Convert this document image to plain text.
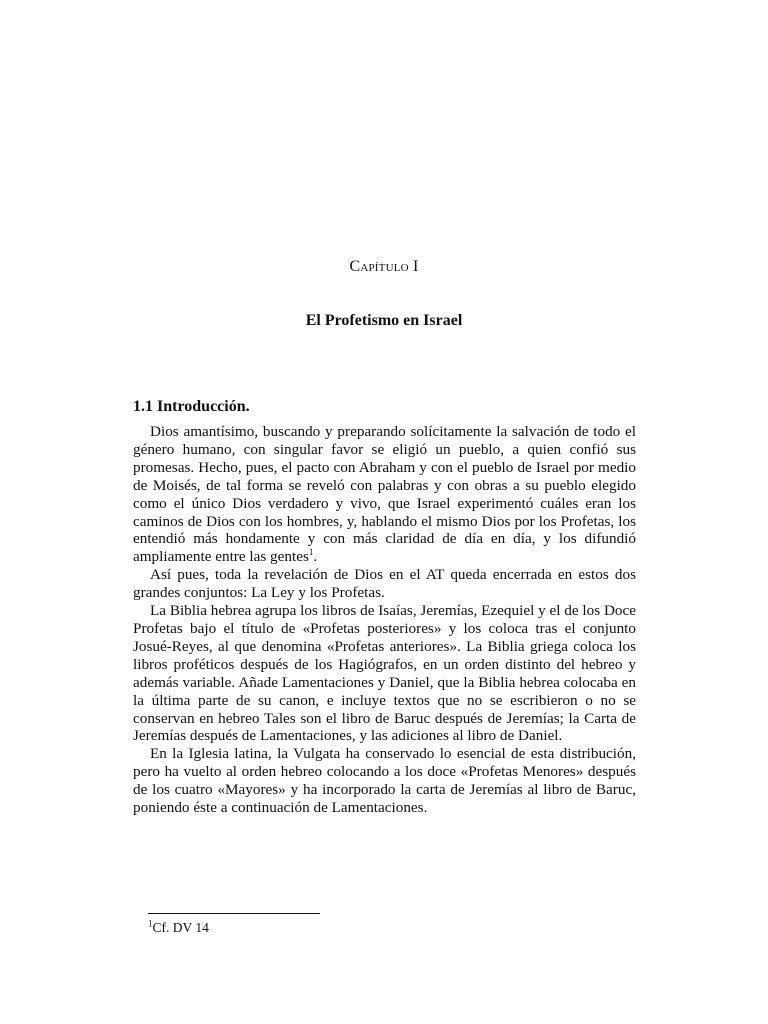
Capítulo I
El Profetismo en Israel
1.1 Introducción.

Dios amantísimo, buscando y preparando solícitamente la salvación de todo el género humano, con singular favor se eligió un pueblo, a quien confió sus promesas. Hecho, pues, el pacto con Abraham y con el pueblo de Israel por medio de Moisés, de tal forma se reveló con palabras y con obras a su pueblo elegido como el único Dios verdadero y vivo, que Israel experimentó cuáles eran los caminos de Dios con los hombres, y, hablando el mismo Dios por los Profetas, los entendió más hondamente y con más claridad de día en día, y los difundió ampliamente entre las gentes$^1$.

Así pues, toda la revelación de Dios en el AT queda encerrada en estos dos grandes conjuntos: La Ley y los Profetas.

La Biblia hebrea agrupa los libros de Isaías, Jeremías, Ezequiel y el de los Doce Profetas bajo el título de «Profetas posteriores» y los coloca tras el conjunto Josué-Reyes, al que denomina «Profetas anteriores». La Biblia griega coloca los libros proféticos después de los Hagiógrafos, en un orden distinto del hebreo y además variable. Añade Lamentaciones y Daniel, que la Biblia hebrea colocaba en la última parte de su canon, e incluye textos que no se escribieron o no se conservan en hebreo Tales son el libro de Baruc después de Jeremías; la Carta de Jeremías después de Lamentaciones, y las adiciones al libro de Daniel.

En la Iglesia latina, la Vulgata ha conservado lo esencial de esta distribución, pero ha vuelto al orden hebreo colocando a los doce «Profetas Menores» después de los cuatro «Mayores» y ha incorporado la carta de Jeremías al libro de Baruc, poniendo éste a continuación de Lamentaciones.

$^1$Cf. DV 14
